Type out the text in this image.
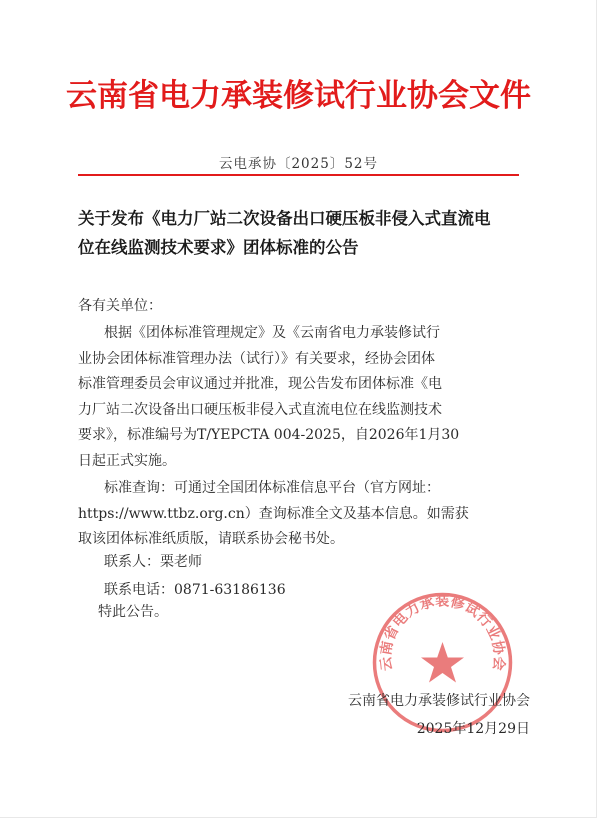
云南省电力承装修试行业协会文件
云电承协〔2025〕52号
关于发布《电力厂站二次设备出口硬压板非侵入式直流电
位在线监测技术要求》团体标准的公告
各有关单位：
根据《团体标准管理规定》及《云南省电力承装修试行
业协会团体标准管理办法（试行）》有关要求，经协会团体
标准管理委员会审议通过并批准，现公告发布团体标准《电
力厂站二次设备出口硬压板非侵入式直流电位在线监测技术
要求》，标准编号为T/YEPCTA 004-2025，自2026年1月30
日起正式实施。
标准查询：可通过全国团体标准信息平台（官方网址：
https://www.ttbz.org.cn）查询标准全文及基本信息。如需获
取该团体标准纸质版，请联系协会秘书处。
联系人：栗老师
联系电话：0871-63186136
特此公告。
云南省电力承装修试行业协会
云南省电力承装修试行业协会
2025年12月29日
